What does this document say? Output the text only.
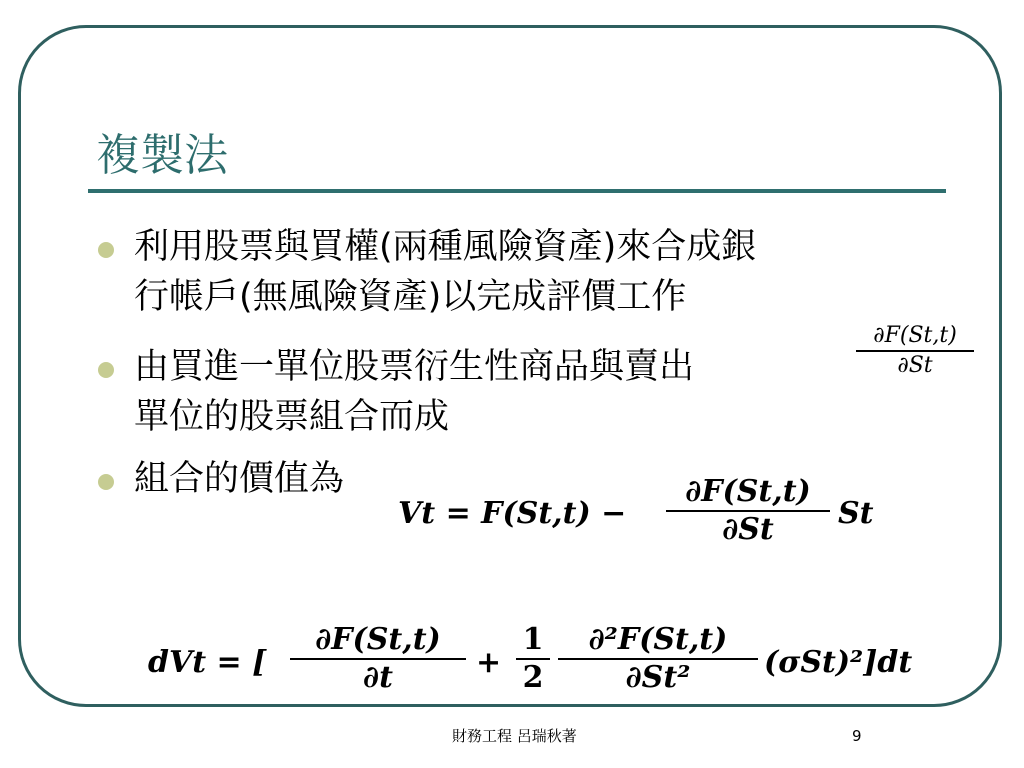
複製法
利用股票與買權(兩種風險資產)來合成銀
行帳戶(無風險資產)以完成評價工作
由買進一單位股票衍生性商品與賣出
單位的股票組合而成
組合的價值為
∂F(St,t)
∂St
Vt = F(St,t) −
∂F(St,t)
∂St	St
dVt = [
∂F(St,t)
∂t	+
1
2
∂²F(St,t)
∂St²	(σSt)²]dt
財務工程 呂瑞秋著	9
